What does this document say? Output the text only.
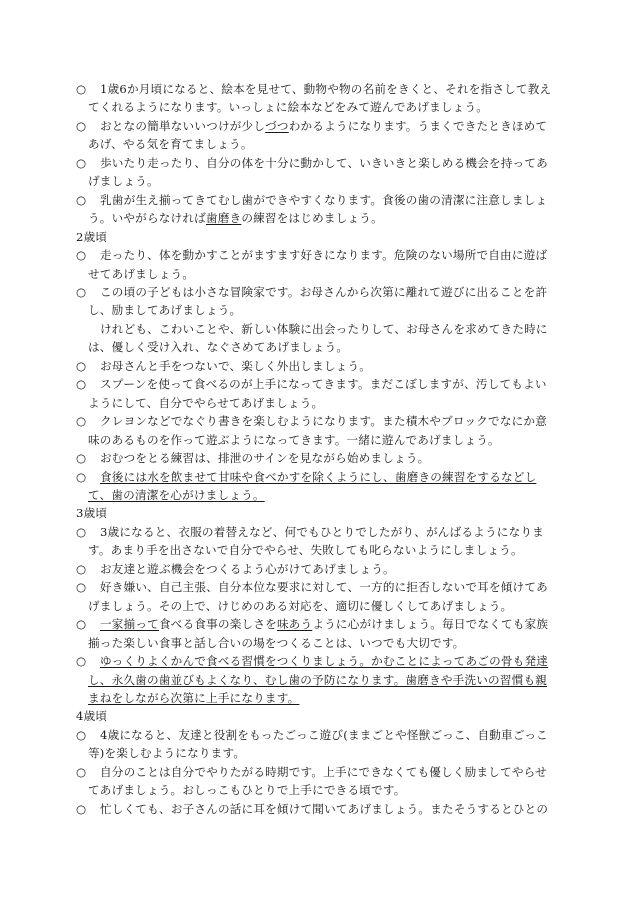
○	1歳6か月頃になると、絵本を見せて、動物や物の名前をきくと、それを指さして教えてくれるようになります。いっしょに絵本などをみて遊んであげましょう。
○	おとなの簡単ないいつけが少しづつわかるようになります。うまくできたときほめてあげ、やる気を育てましょう。
○	歩いたり走ったり、自分の体を十分に動かして、いきいきと楽しめる機会を持ってあげましょう。
○	乳歯が生え揃ってきてむし歯ができやすくなります。食後の歯の清潔に注意しましょう。いやがらなければ歯磨きの練習をはじめましょう。
2歳頃
○	走ったり、体を動かすことがますます好きになります。危険のない場所で自由に遊ばせてあげましょう。
○	この頃の子どもは小さな冒険家です。お母さんから次第に離れて遊びに出ることを許し、励ましてあげましょう。
けれども、こわいことや、新しい体験に出会ったりして、お母さんを求めてきた時には、優しく受け入れ、なぐさめてあげましょう。
○	お母さんと手をつないで、楽しく外出しましょう。
○	スプーンを使って食べるのが上手になってきます。まだこぼしますが、汚してもよいようにして、自分でやらせてあげましょう。
○	クレヨンなどでなぐり書きを楽しむようになります。また積木やブロックでなにか意味のあるものを作って遊ぶようになってきます。一緒に遊んであげましょう。
○	おむつをとる練習は、排泄のサインを見ながら始めましょう。
○	食後には水を飲ませて甘味や食べかすを除くようにし、歯磨きの練習をするなどして、歯の清潔を心がけましょう。
3歳頃
○	3歳になると、衣服の着替えなど、何でもひとりでしたがり、がんばるようになります。あまり手を出さないで自分でやらせ、失敗しても叱らないようにしましょう。
○	お友達と遊ぶ機会をつくるよう心がけてあげましょう。
○	好き嫌い、自己主張、自分本位な要求に対して、一方的に拒否しないで耳を傾けてあげましょう。その上で、けじめのある対応を、適切に優しくしてあげましょう。
○	一家揃って食べる食事の楽しさを味あうように心がけましょう。毎日でなくても家族揃った楽しい食事と話し合いの場をつくることは、いつでも大切です。
○	ゆっくりよくかんで食べる習慣をつくりましょう。かむことによってあごの骨も発達し、永久歯の歯並びもよくなり、むし歯の予防になります。歯磨きや手洗いの習慣も親まねをしながら次第に上手になります。
4歳頃
○	4歳になると、友達と役割をもったごっこ遊び(ままごとや怪獣ごっこ、自動車ごっこ等)を楽しむようになります。
○	自分のことは自分でやりたがる時期です。上手にできなくても優しく励ましてやらせてあげましょう。おしっこもひとりで上手にできる頃です。
○	忙しくても、お子さんの話に耳を傾けて聞いてあげましょう。またそうするとひとの
